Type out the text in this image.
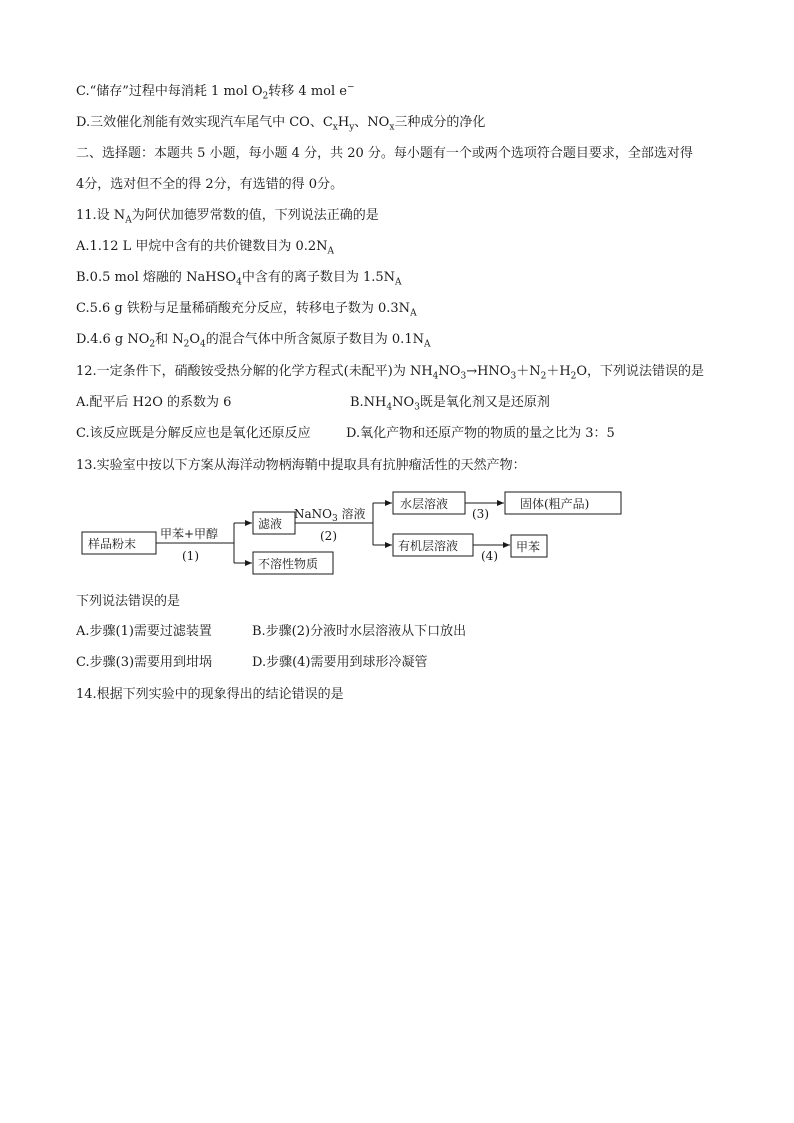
C.“储存”过程中每消耗 1 mol $O_2$转移 4 mol e−
D.三效催化剂能有效实现汽车尾气中 CO、$C_xH_y$、$NO_x$三种成分的净化
二、选择题：本题共 5 小题，每小题 4 分，共 20 分。每小题有一个或两个选项符合题目要求，全部选对得
4分，选对但不全的得 2分，有选错的得 0分。
11.设 $N_A$为阿伏加德罗常数的值，下列说法正确的是
A.1.12 L 甲烷中含有的共价键数目为 $0.2N_A$
B.0.5 mol 熔融的 NaHSO$_4$中含有的离子数目为 $1.5N_A$
C.5.6 g 铁粉与足量稀硝酸充分反应，转移电子数为 $0.3N_A$
D.4.6 g $NO_2$和 $N_2O_4$的混合气体中所含氮原子数目为 $0.1N_A$
12.一定条件下，硝酸铵受热分解的化学方程式(未配平)为 $NH_4NO_3\to HNO_3+N_2+H_2O$，下列说法错误的是
A.配平后 H2O 的系数为 6	$B.NH_4NO_3$既是氧化剂又是还原剂
C.该反应既是分解反应也是氧化还原反应	D.氧化产物和还原产物的物质的量之比为 3：5
13.实验室中按以下方案从海洋动物柄海鞘中提取具有抗肿瘤活性的天然产物：
样品粉末
甲苯+甲醇
(1)
滤液
不溶性物质
NaNO$_3$ 溶液
(2)
水层溶液
(3)
固体(粗产品)
有机层溶液
(4)
甲苯
下列说法错误的是
A.步骤(1)需要过滤装置	B.步骤(2)分液时水层溶液从下口放出
C.步骤(3)需要用到坩埚	D.步骤(4)需要用到球形冷凝管
14.根据下列实验中的现象得出的结论错误的是
